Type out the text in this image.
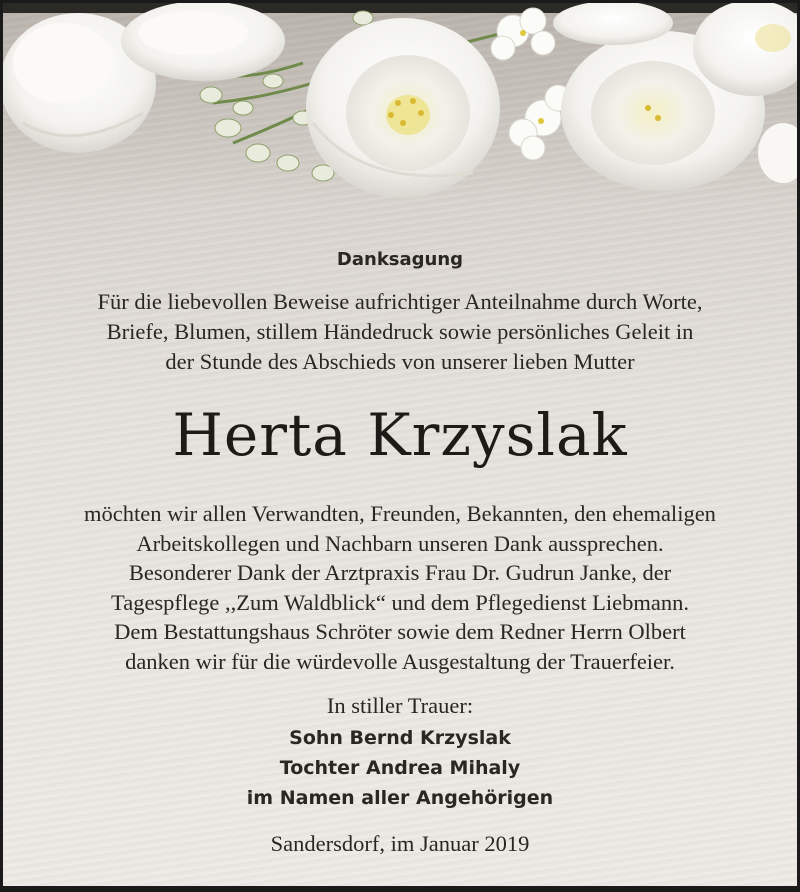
Danksagung
Für die liebevollen Beweise aufrichtiger Anteilnahme durch Worte,
Briefe, Blumen, stillem Händedruck sowie persönliches Geleit in
der Stunde des Abschieds von unserer lieben Mutter
Herta Krzyslak
möchten wir allen Verwandten, Freunden, Bekannten, den ehemaligen
Arbeitskollegen und Nachbarn unseren Dank aussprechen.
Besonderer Dank der Arztpraxis Frau Dr. Gudrun Janke, der
Tagespflege ,,Zum Waldblick“ und dem Pflegedienst Liebmann.
Dem Bestattungshaus Schröter sowie dem Redner Herrn Olbert
danken wir für die würdevolle Ausgestaltung der Trauerfeier.
In stiller Trauer:
Sohn Bernd Krzyslak
Tochter Andrea Mihaly
im Namen aller Angehörigen
Sandersdorf, im Januar 2019
